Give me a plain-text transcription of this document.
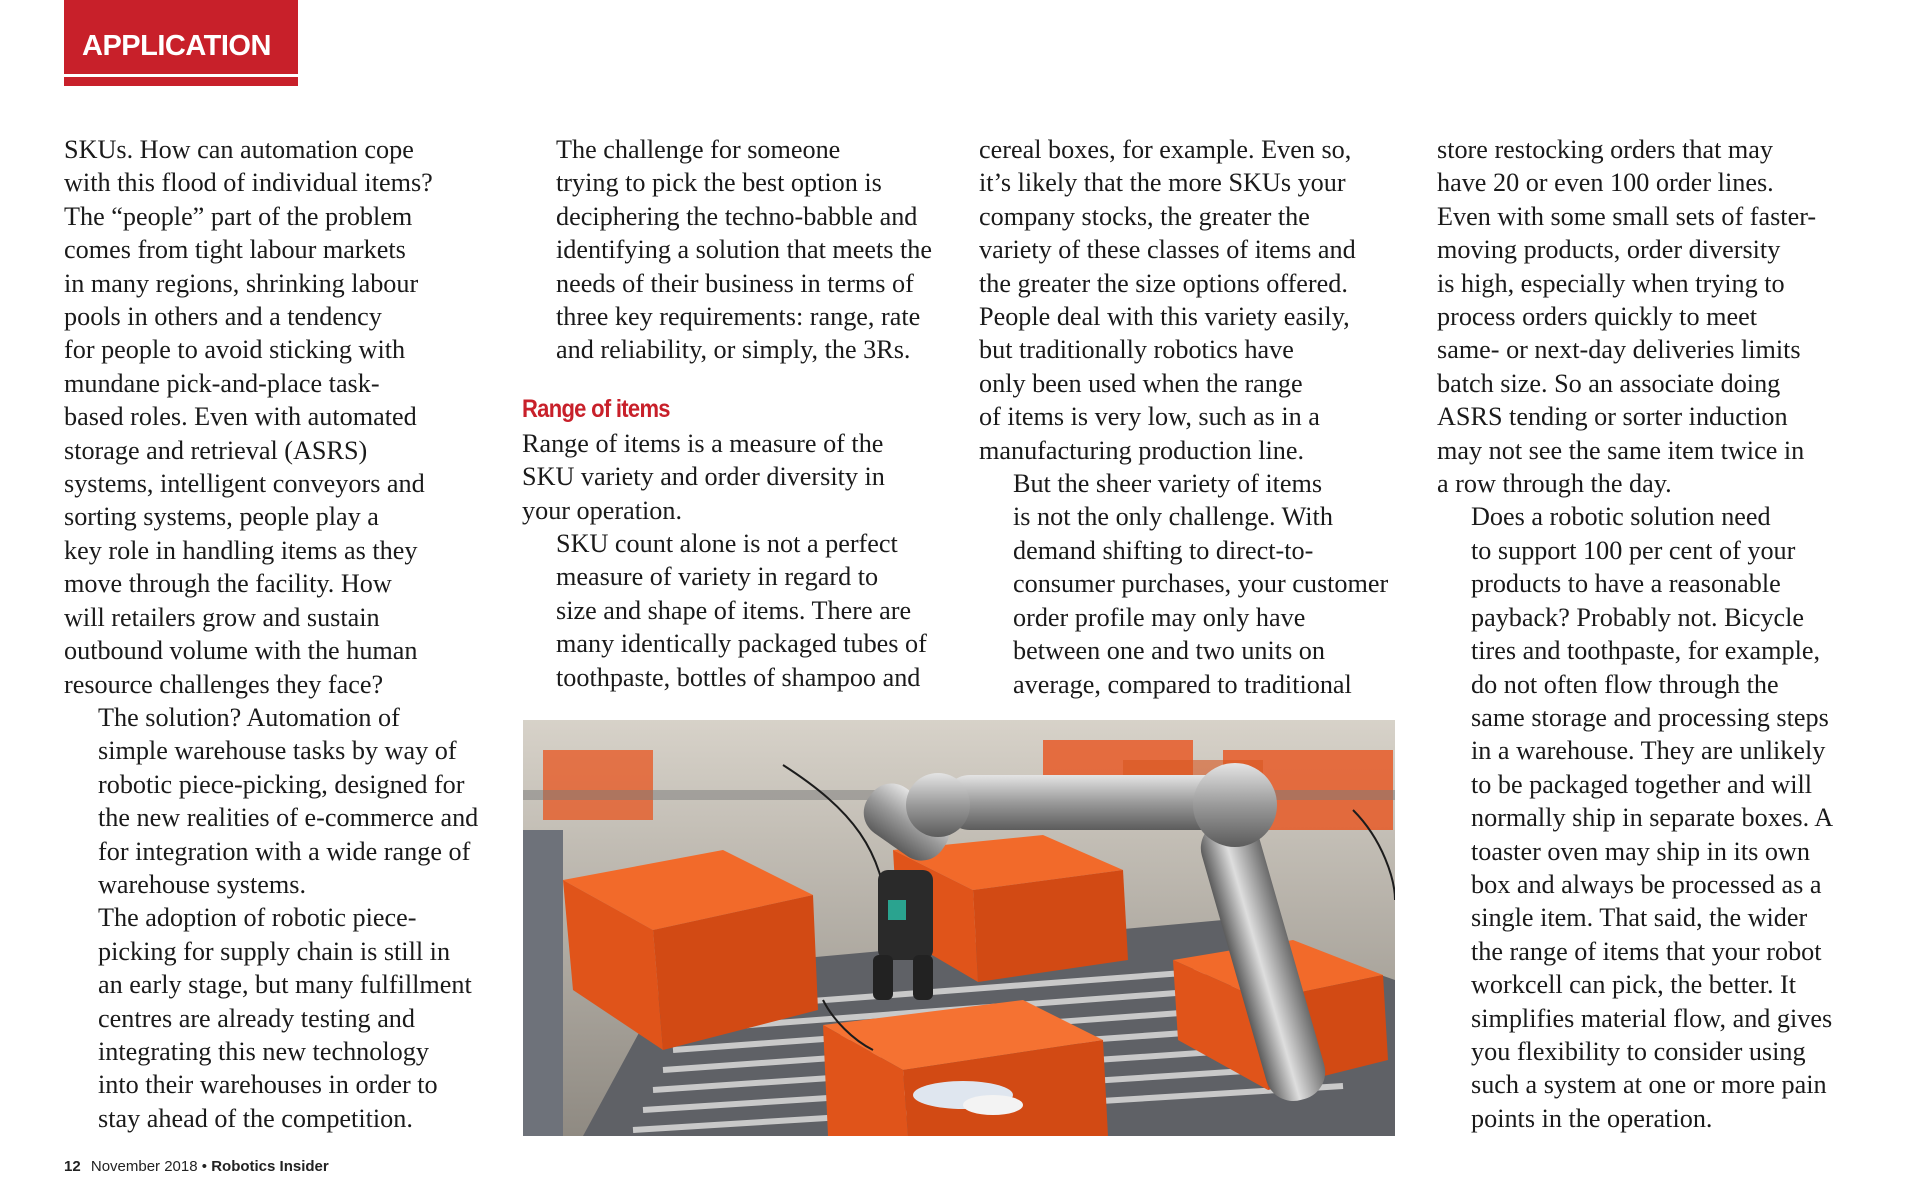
APPLICATION

SKUs. How can automation cope
with this flood of individual items?
The “people” part of the problem
comes from tight labour markets
in many regions, shrinking labour
pools in others and a tendency
for people to avoid sticking with
mundane pick-and-place task-
based roles. Even with automated
storage and retrieval (ASRS)
systems, intelligent conveyors and
sorting systems, people play a
key role in handling items as they
move through the facility. How
will retailers grow and sustain
outbound volume with the human
resource challenges they face?

The solution? Automation of
simple warehouse tasks by way of
robotic piece-picking, designed for
the new realities of e-commerce and
for integration with a wide range of
warehouse systems.

The adoption of robotic piece-
picking for supply chain is still in
an early stage, but many fulfillment
centres are already testing and
integrating this new technology
into their warehouses in order to
stay ahead of the competition.

The challenge for someone
trying to pick the best option is
deciphering the techno-babble and
identifying a solution that meets the
needs of their business in terms of
three key requirements: range, rate
and reliability, or simply, the 3Rs.

Range of items

Range of items is a measure of the
SKU variety and order diversity in
your operation.

SKU count alone is not a perfect
measure of variety in regard to
size and shape of items. There are
many identically packaged tubes of
toothpaste, bottles of shampoo and

cereal boxes, for example. Even so,
it’s likely that the more SKUs your
company stocks, the greater the
variety of these classes of items and
the greater the size options offered.
People deal with this variety easily,
but traditionally robotics have
only been used when the range
of items is very low, such as in a
manufacturing production line.

But the sheer variety of items
is not the only challenge. With
demand shifting to direct-to-
consumer purchases, your customer
order profile may only have
between one and two units on
average, compared to traditional

store restocking orders that may
have 20 or even 100 order lines.
Even with some small sets of faster-
moving products, order diversity
is high, especially when trying to
process orders quickly to meet
same- or next-day deliveries limits
batch size. So an associate doing
ASRS tending or sorter induction
may not see the same item twice in
a row through the day.

Does a robotic solution need
to support 100 per cent of your
products to have a reasonable
payback? Probably not. Bicycle
tires and toothpaste, for example,
do not often flow through the
same storage and processing steps
in a warehouse. They are unlikely
to be packaged together and will
normally ship in separate boxes. A
toaster oven may ship in its own
box and always be processed as a
single item. That said, the wider
the range of items that your robot
workcell can pick, the better. It
simplifies material flow, and gives
you flexibility to consider using
such a system at one or more pain
points in the operation.

12 November 2018 • Robotics Insider
